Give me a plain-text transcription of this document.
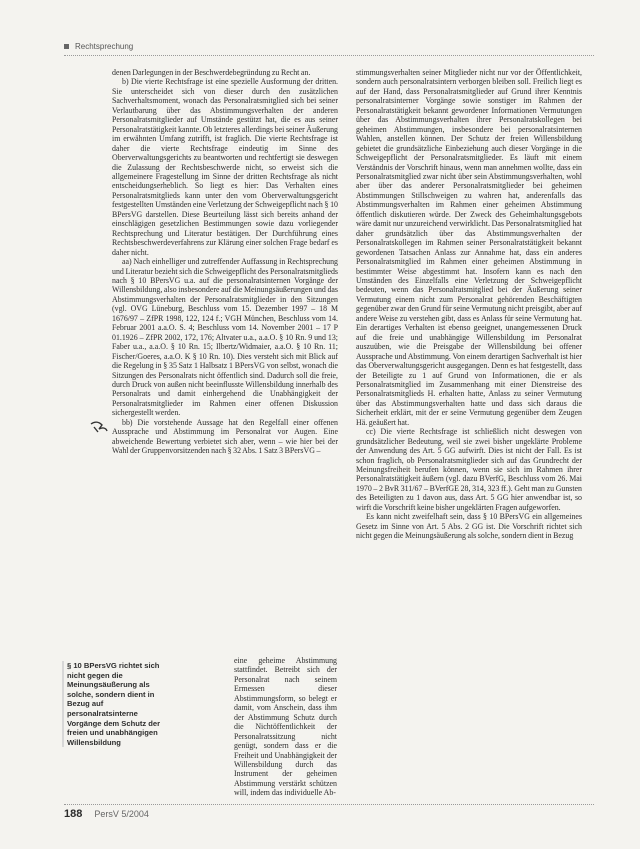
Rechtsprechung

denen Darlegungen in der Beschwerdebegründung zu Recht an.

b) Die vierte Rechtsfrage ist eine spezielle Ausformung der dritten. Sie unterscheidet sich von dieser durch den zusätzlichen Sachverhaltsmoment, wonach das Personalratsmitglied sich bei seiner Verlautbarung über das Abstimmungsverhalten der anderen Personalratsmitglieder auf Umstände gestützt hat, die es aus seiner Personalratstätigkeit kannte. Ob letzteres allerdings bei seiner Äußerung im erwähnten Umfang zutrifft, ist fraglich. Die vierte Rechtsfrage ist daher die vierte Rechtsfrage eindeutig im Sinne des Oberverwaltungsgerichts zu beantworten und rechtfertigt sie deswegen die Zulassung der Rechtsbeschwerde nicht, so erweist sich die allgemeinere Fragestellung im Sinne der dritten Rechtsfrage als nicht entscheidungserheblich. So liegt es hier: Das Verhalten eines Personalratsmitglieds kann unter den vom Oberverwaltungsgericht festgestellten Umständen eine Verletzung der Schweigepflicht nach § 10 BPersVG darstellen. Diese Beurteilung lässt sich bereits anhand der einschlägigen gesetzlichen Bestimmungen sowie dazu vorliegender Rechtsprechung und Literatur bestätigen. Der Durchführung eines Rechtsbeschwerdeverfahrens zur Klärung einer solchen Frage bedarf es daher nicht.

aa) Nach einhelliger und zutreffender Auffassung in Rechtsprechung und Literatur bezieht sich die Schweigepflicht des Personalratsmitglieds nach § 10 BPersVG u.a. auf die personalratsinternen Vorgänge der Willensbildung, also insbesondere auf die Meinungsäußerungen und das Abstimmungsverhalten der Personalratsmitglieder in den Sitzungen (vgl. OVG Lüneburg, Beschluss vom 15. Dezember 1997 – 18 M 1676/97 – ZfPR 1998, 122, 124 f.; VGH München, Beschluss vom 14. Februar 2001 a.a.O. S. 4; Beschluss vom 14. November 2001 – 17 P 01.1926 – ZfPR 2002, 172, 176; Altvater u.a., a.a.O. § 10 Rn. 9 und 13; Faber u.a., a.a.O. § 10 Rn. 15; Ilbertz/Widmaier, a.a.O. § 10 Rn. 11; Fischer/Goeres, a.a.O. K § 10 Rn. 10). Dies versteht sich mit Blick auf die Regelung in § 35 Satz 1 Halbsatz 1 BPersVG von selbst, wonach die Sitzungen des Personalrats nicht öffentlich sind. Dadurch soll die freie, durch Druck von außen nicht beeinflusste Willensbildung innerhalb des Personalrats und damit einhergehend die Unabhängigkeit der Personalratsmitglieder im Rahmen einer offenen Diskussion sichergestellt werden.

bb) Die vorstehende Aussage hat den Regelfall einer offenen Aussprache und Abstimmung im Personalrat vor Augen. Eine abweichende Bewertung verbietet sich aber, wenn – wie hier bei der Wahl der Gruppenvorsitzenden nach § 32 Abs. 1 Satz 3 BPersVG –

§ 10 BPersVG richtet sich nicht gegen die Meinungsäußerung als solche, sondern dient in Bezug auf personalratsinterne Vorgänge dem Schutz der freien und unabhängigen Willensbildung

eine geheime Abstimmung stattfindet. Betreibt sich der Personalrat nach seinem Ermessen dieser Abstimmungsform, so belegt er damit, vom Anschein, dass ihm der Abstimmung Schutz durch die Nichtöffentlichkeit der Personalratssitzung nicht genügt, sondern dass er die Freiheit und Unabhängigkeit der Willensbildung durch das Instrument der geheimen Abstimmung verstärkt schützen will, indem das individuelle Ab-

stimmungsverhalten seiner Mitglieder nicht nur vor der Öffentlichkeit, sondern auch personalratsintern verborgen bleiben soll. Freilich liegt es auf der Hand, dass Personalratsmitglieder auf Grund ihrer Kenntnis personalratsinterner Vorgänge sowie sonstiger im Rahmen der Personalratstätigkeit bekannt gewordener Informationen Vermutungen über das Abstimmungsverhalten ihrer Personalratskollegen bei geheimen Abstimmungen, insbesondere bei personalratsinternen Wahlen, anstellen können. Der Schutz der freien Willensbildung gebietet die grundsätzliche Einbeziehung auch dieser Vorgänge in die Schweigepflicht der Personalratsmitglieder. Es läuft mit einem Verständnis der Vorschrift hinaus, wenn man annehmen wollte, dass ein Personalratsmitglied zwar nicht über sein Abstimmungsverhalten, wohl aber über das anderer Personalratsmitglieder bei geheimen Abstimmungen Stillschweigen zu wahren hat, anderenfalls das Abstimmungsverhalten im Rahmen einer geheimen Abstimmung öffentlich diskutieren würde. Der Zweck des Geheimhaltungsgebots wäre damit nur unzureichend verwirklicht. Das Personalratsmitglied hat daher grundsätzlich über das Abstimmungsverhalten der Personalratskollegen im Rahmen seiner Personalratstätigkeit bekannt gewordenen Tatsachen Anlass zur Annahme hat, dass ein anderes Personalratsmitglied im Rahmen einer geheimen Abstimmung in bestimmter Weise abgestimmt hat. Insofern kann es nach den Umständen des Einzelfalls eine Verletzung der Schweigepflicht bedeuten, wenn das Personalratsmitglied bei der Äußerung seiner Vermutung einem nicht zum Personalrat gehörenden Beschäftigten gegenüber zwar den Grund für seine Vermutung nicht preisgibt, aber auf andere Weise zu verstehen gibt, dass es Anlass für seine Vermutung hat. Ein derartiges Verhalten ist ebenso geeignet, unangemessenen Druck auf die freie und unabhängige Willensbildung im Personalrat auszuüben, wie die Preisgabe der Willensbildung bei offener Aussprache und Abstimmung. Von einem derartigen Sachverhalt ist hier das Oberverwaltungsgericht ausgegangen. Denn es hat festgestellt, dass der Beteiligte zu 1 auf Grund von Informationen, die er als Personalratsmitglied im Zusammenhang mit einer Dienstreise des Personalratsmitglieds H. erhalten hatte, Anlass zu seiner Vermutung über das Abstimmungsverhalten hatte und dass sich daraus die Sicherheit erklärt, mit der er seine Vermutung gegenüber dem Zeugen Hä. geäußert hat.

cc) Die vierte Rechtsfrage ist schließlich nicht deswegen von grundsätzlicher Bedeutung, weil sie zwei bisher ungeklärte Probleme der Anwendung des Art. 5 GG aufwirft. Dies ist nicht der Fall. Es ist schon fraglich, ob Personalratsmitglieder sich auf das Grundrecht der Meinungsfreiheit berufen können, wenn sie sich im Rahmen ihrer Personalratstätigkeit äußern (vgl. dazu BVerfG, Beschluss vom 26. Mai 1970 – 2 BvR 311/67 – BVerfGE 28, 314, 323 ff.). Geht man zu Gunsten des Beteiligten zu 1 davon aus, dass Art. 5 GG hier anwendbar ist, so wirft die Vorschrift keine bisher ungeklärten Fragen aufgeworfen.

Es kann nicht zweifelhaft sein, dass § 10 BPersVG ein allgemeines Gesetz im Sinne von Art. 5 Abs. 2 GG ist. Die Vorschrift richtet sich nicht gegen die Meinungsäußerung als solche, sondern dient in Bezug

188 PersV 5/2004
